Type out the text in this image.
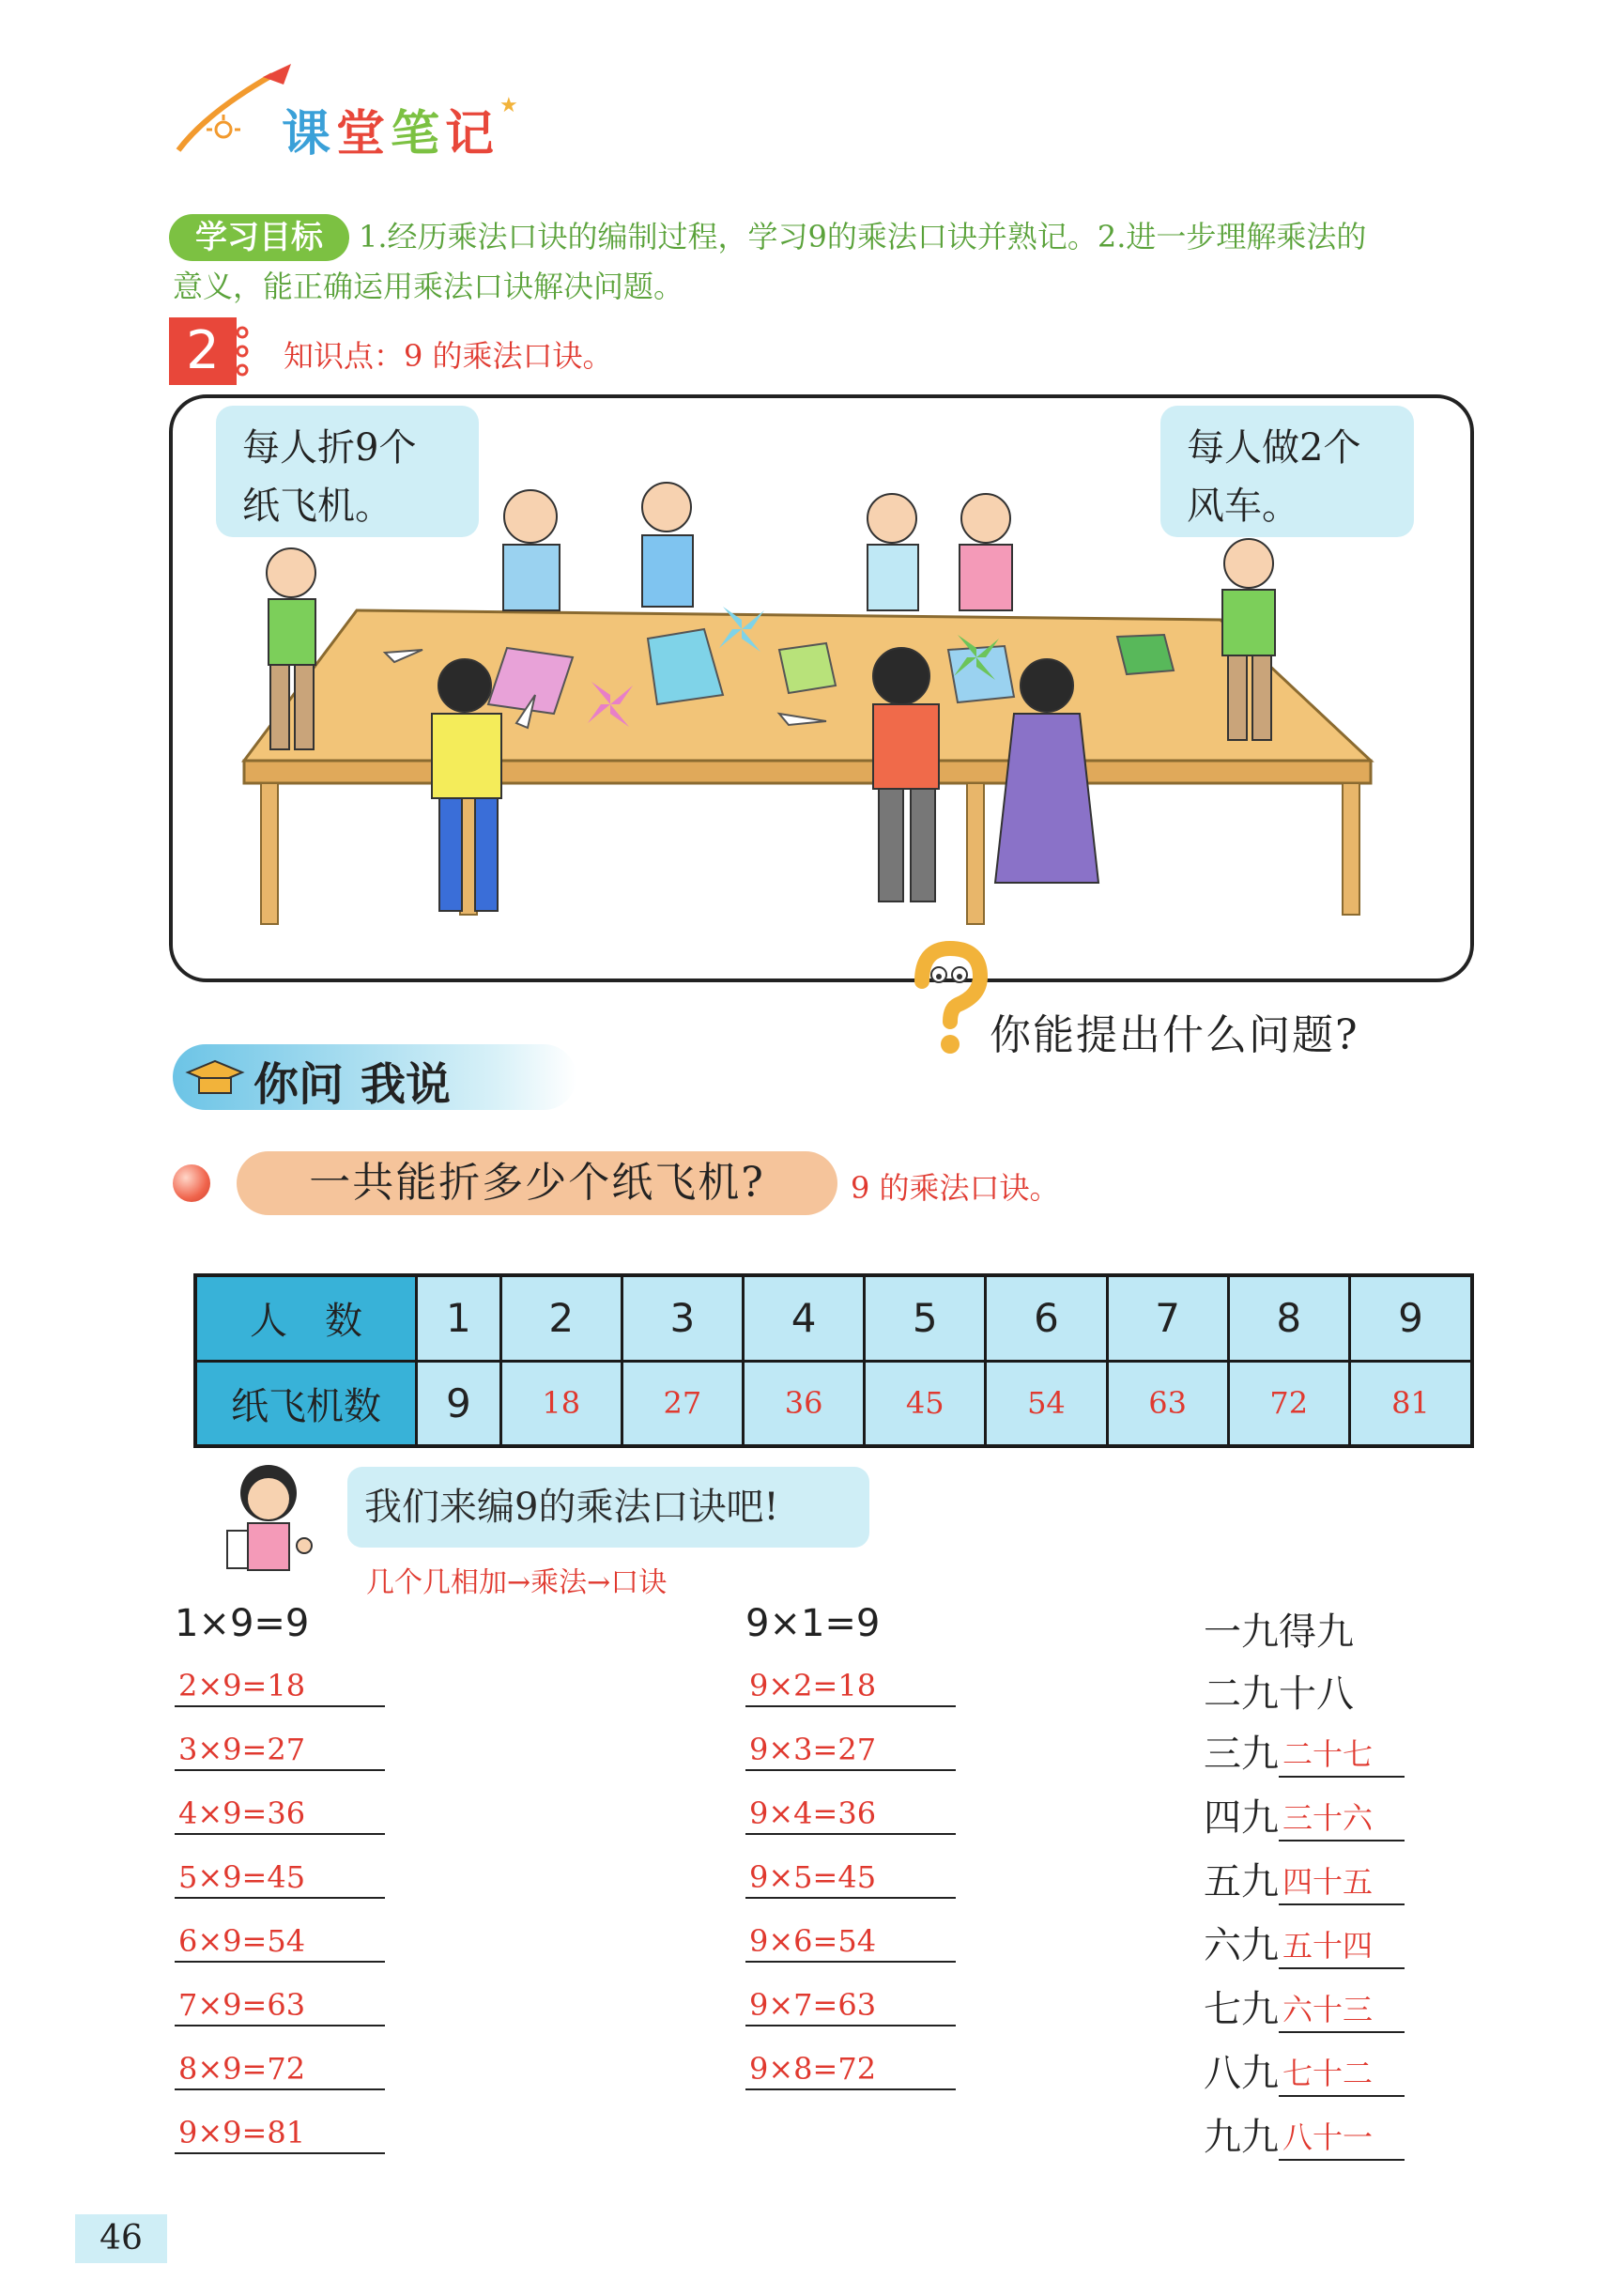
课堂笔记
★
学习目标	1.经历乘法口诀的编制过程，学习9的乘法口诀并熟记。2.进一步理解乘法的
意义，能正确运用乘法口诀解决问题。
2	知识点：9 的乘法口诀。
每人折9个
纸飞机。
每人做2个
风车。
你能提出什么问题?
你问 我说
一共能折多少个纸飞机?	9 的乘法口诀。
人　数	1	2	3	4	5	6	7	8	9
纸飞机数	9	18	27	36	45	54	63	72	81
我们来编9的乘法口诀吧!
几个几相加→乘法→口诀
1×9=9
2×9=18
3×9=27
4×9=36
5×9=45
6×9=54
7×9=63
8×9=72
9×9=81
9×1=9
9×2=18
9×3=27
9×4=36
9×5=45
9×6=54
9×7=63
9×8=72
一九得九
二九十八
三九 二十七
四九 三十六
五九 四十五
六九 五十四
七九 六十三
八九 七十二
九九 八十一
46
